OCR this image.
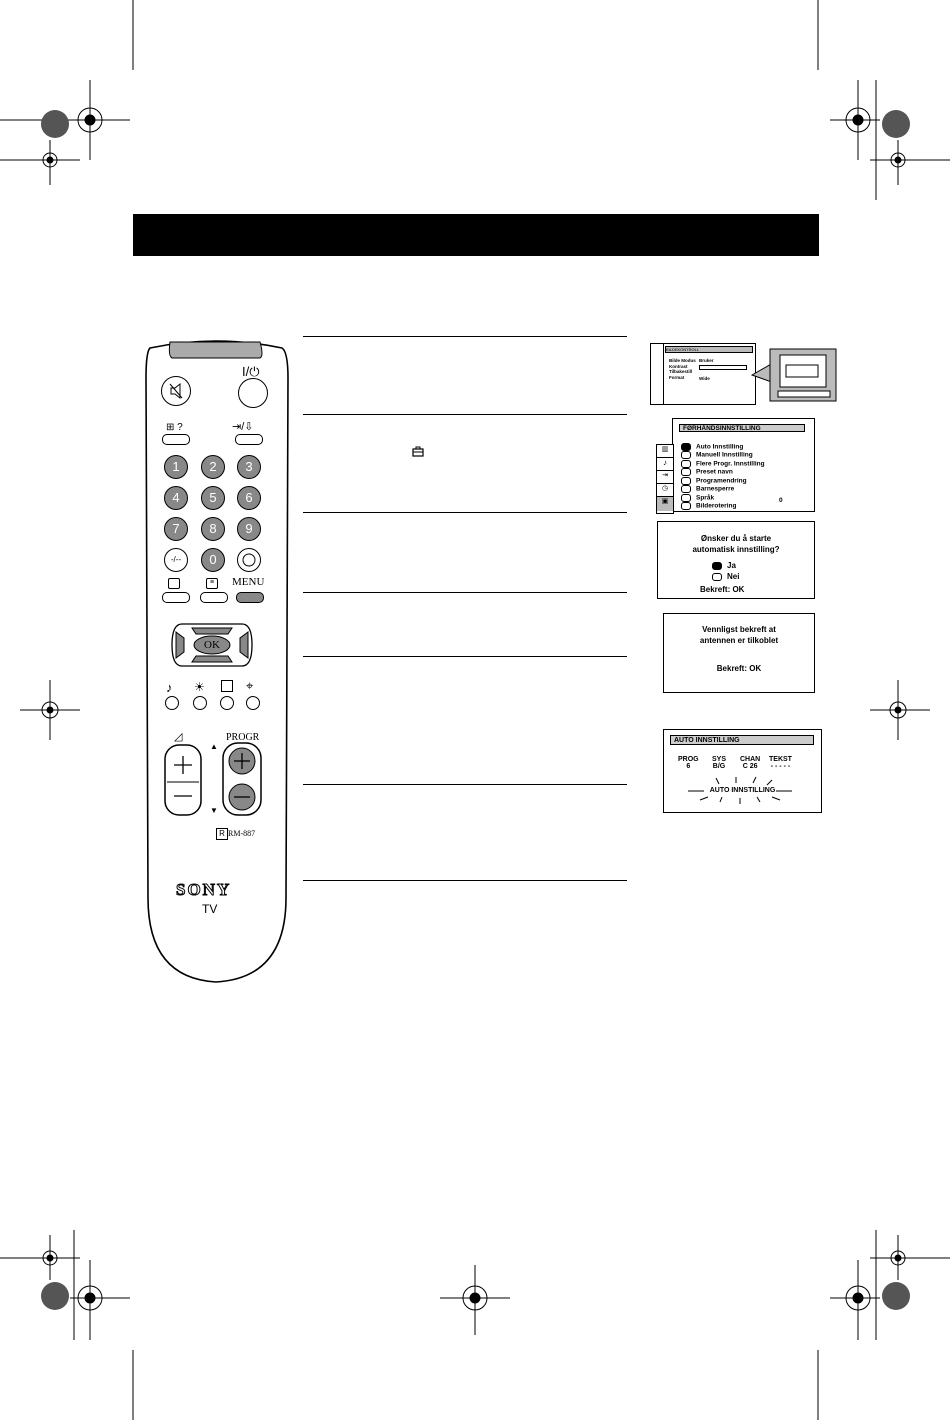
I/⏻
⊞ ?	⇥/⇩
1	2	3
4	5	6
7	8	9
-/--	0
≡	MENU
OK
♪ ☀	⌖
◿	PROGR
▲
▼
R RM-887
SONY
TV
BILDEKONTROLL
Bilde Modus
Kontrast
Tilbakestill
Format
Bruker

Wide
FØRHÅNDSINNSTILLING
Auto Innstilling
Manuell Innstilling
Flere Progr. Innstilling
Preset navn
Programendring
Barnesperre
Språk
Bilderotering
0
▥
♪
⇥
◷
▣
Ønsker du å starte
automatisk innstilling?
Ja
Nei
Bekreft: OK
Vennligst bekreft at
antennen er tilkoblet
Bekreft: OK
AUTO INNSTILLING
PROG
6
SYS
B/G
CHAN
C 26
TEKST
- - - - -
AUTO INNSTILLING
